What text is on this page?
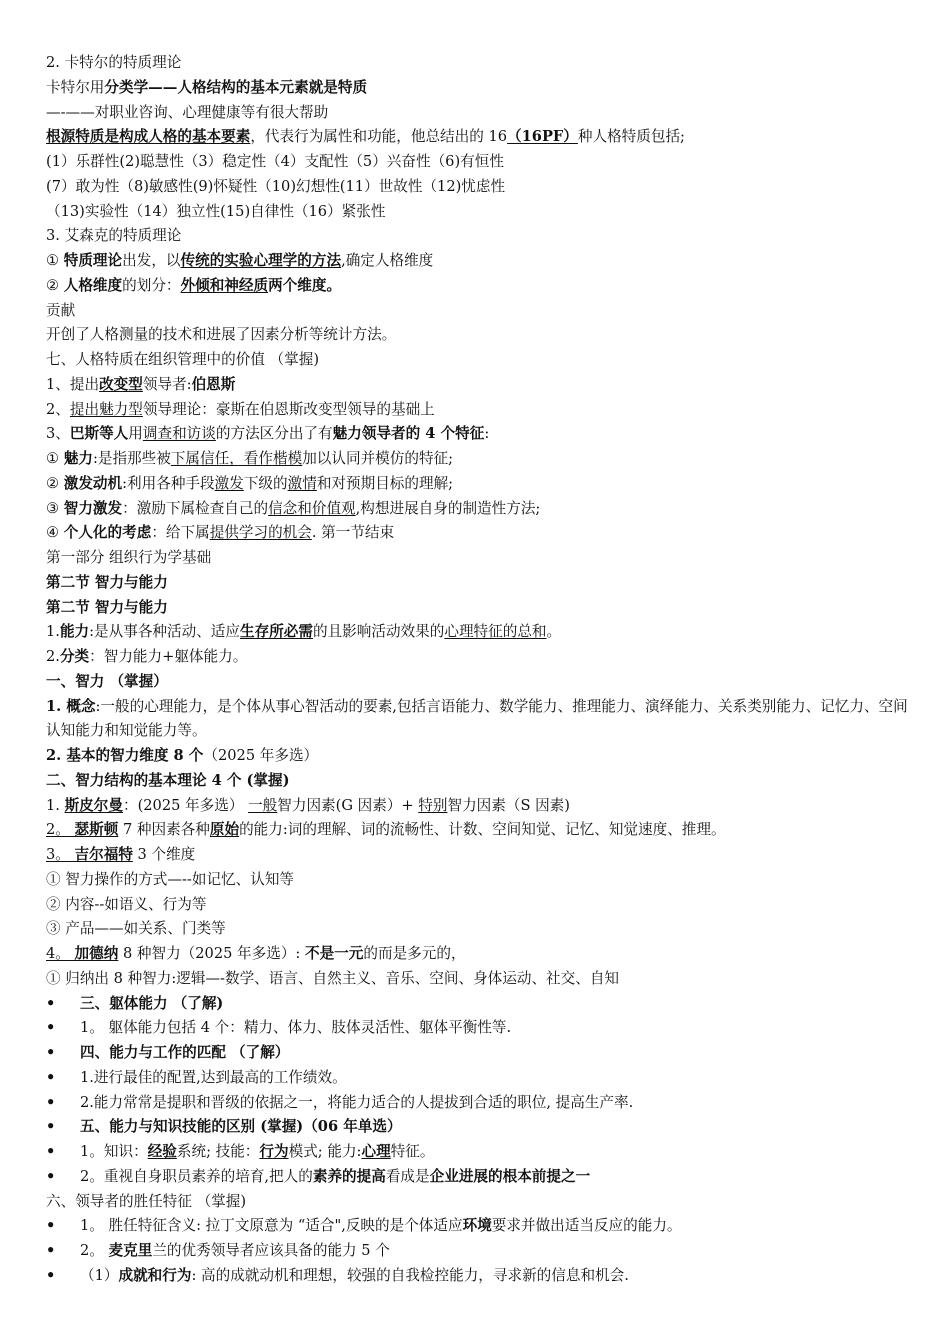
2. 卡特尔的特质理论
卡特尔用分类学——人格结构的基本元素就是特质
—-——对职业咨询、心理健康等有很大帮助
根源特质是构成人格的基本要素，代表行为属性和功能，他总结出的 16（16PF）种人格特质包括;
(1）乐群性(2)聪慧性（3）稳定性（4）支配性（5）兴奋性（6)有恒性
(7）敢为性（8)敏感性(9)怀疑性（10)幻想性(11）世故性（12)忧虑性
（13)实验性（14）独立性(15)自律性（16）紧张性
3. 艾森克的特质理论
① 特质理论出发，以传统的实验心理学的方法,确定人格维度
② 人格维度的划分：外倾和神经质两个维度。
贡献
开创了人格测量的技术和进展了因素分析等统计方法。
七、人格特质在组织管理中的价值 （掌握)
1、提出改变型领导者:伯恩斯
2、提出魅力型领导理论：豪斯在伯恩斯改变型领导的基础上
3、巴斯等人用调查和访谈的方法区分出了有魅力领导者的 4 个特征:
① 魅力:是指那些被下属信任，看作楷模加以认同并模仿的特征;
② 激发动机:利用各种手段激发下级的激情和对预期目标的理解;
③ 智力激发：激励下属检查自己的信念和价值观,构想进展自身的制造性方法;
④ 个人化的考虑：给下属提供学习的机会. 第一节结束
第一部分 组织行为学基础
第二节 智力与能力
第二节 智力与能力
1.能力:是从事各种活动、适应生存所必需的且影响活动效果的心理特征的总和。
2.分类：智力能力+躯体能力。
一、智力 （掌握）
1. 概念:一般的心理能力，是个体从事心智活动的要素,包括言语能力、数学能力、推理能力、演绎能力、关系类别能力、记忆力、空间认知能力和知觉能力等。
2. 基本的智力维度 8 个（2025 年多选）
二、智力结构的基本理论 4 个 (掌握)
1. 斯皮尔曼：(2025 年多选） 一般智力因素(G 因素）+ 特别智力因素（S 因素)
2。 瑟斯顿 7 种因素各种原始的能力:词的理解、词的流畅性、计数、空间知觉、记忆、知觉速度、推理。
3。 吉尔福特 3 个维度
① 智力操作的方式—--如记忆、认知等
② 内容--如语义、行为等
③ 产品——如关系、门类等
4。 加德纳 8 种智力（2025 年多选）: 不是一元的而是多元的，
① 归纳出 8 种智力:逻辑—-数学、语言、自然主义、音乐、空间、身体运动、社交、自知
• 三、躯体能力 （了解)
• 1。 躯体能力包括 4 个：精力、体力、肢体灵活性、躯体平衡性等.
• 四、能力与工作的匹配 （了解）
• 1.进行最佳的配置,达到最高的工作绩效。
• 2.能力常常是提职和晋级的依据之一，将能力适合的人提拔到合适的职位, 提高生产率.
• 五、能力与知识技能的区别 (掌握)（06 年单选）
• 1。知识：经验系统; 技能：行为模式; 能力:心理特征。
• 2。重视自身职员素养的培育,把人的素养的提高看成是企业进展的根本前提之一
六、领导者的胜任特征 （掌握)
• 1。 胜任特征含义: 拉丁文原意为 “适合",反映的是个体适应环境要求并做出适当反应的能力。
• 2。 麦克里兰的优秀领导者应该具备的能力 5 个
• （1）成就和行为: 高的成就动机和理想，较强的自我检控能力，寻求新的信息和机会.
